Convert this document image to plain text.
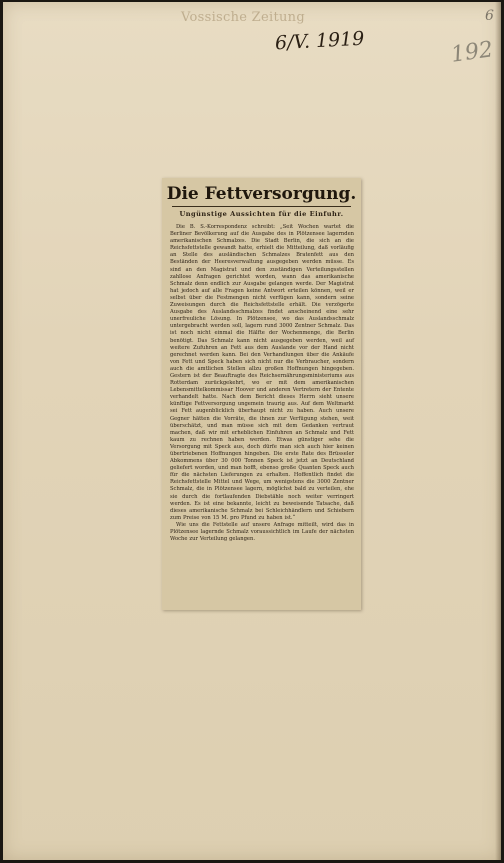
Vossische Zeitung
6/V. 1919	192
6
Die Fettversorgung.
Ungünstige Aussichten für die Einfuhr.

Die B. S.-Korrespondenz schreibt: „Seit Wochen wartet die Berliner Bevölkerung auf die Ausgabe des in Plötzensee lagernden amerikanischen Schmalzes. Die Stadt Berlin, die sich an die Reichsfettstelle gewandt hatte, erhielt die Mitteilung, daß vorläufig an Stelle des ausländischen Schmalzes Bratenfett aus den Beständen der Heeresverwaltung ausgegeben werden müsse. Es sind an den Magistrat und den zuständigen Verteilungsstellen zahllose Anfragen gerichtet worden, wann das amerikanische Schmalz denn endlich zur Ausgabe gelangen werde. Der Magistrat hat jedoch auf alle Fragen keine Antwort erteilen können, weil er selbst über die Festmengen nicht verfügen kann, sondern seine Zuweisungen durch die Reichsfettstelle erhält. Die verzögerte Ausgabe des Auslandsschmalzes findet anscheinend eine sehr unerfreuliche Lösung. In Plötzensee, wo das Auslandsschmalz untergebracht werden soll, lagern rund 3000 Zentner Schmalz. Das ist noch nicht einmal die Hälfte der Wochenmenge, die Berlin benötigt. Das Schmalz kann nicht ausgegeben werden, weil auf weitere Zufuhren an Fett aus dem Auslande vor der Hand nicht gerechnet werden kann. Bei den Verhandlungen über die Ankäufe von Fett und Speck haben sich nicht nur die Verbraucher, sondern auch die amtlichen Stellen allzu großen Hoffnungen hingegeben. Gestern ist der Beauftragte des Reichsernährungsministeriums aus Rotterdam zurückgekehrt, wo er mit dem amerikanischen Lebensmittelkommissar Hoover und anderen Vertretern der Entente verhandelt hatte. Nach dem Bericht dieses Herrn sieht unsere künftige Fettversorgung ungemein traurig aus. Auf dem Weltmarkt sei Fett augenblicklich überhaupt nicht zu haben. Auch unsere Gegner hätten die Vorräte, die ihnen zur Verfügung stehen, weit überschätzt, und man müsse sich mit dem Gedanken vertraut machen, daß wir mit erheblichen Einfuhren an Schmalz und Fett kaum zu rechnen haben werden. Etwas günstiger sehe die Versorgung mit Speck aus, doch dürfe man sich auch hier keinen übertriebenen Hoffnungen hingeben. Die erste Rate des Brüsseler Abkommens über 30 000 Tonnen Speck ist jetzt an Deutschland geliefert worden, und man hofft, ebenso große Quanten Speck auch für die nächsten Lieferungen zu erhalten. Hoffentlich findet die Reichsfettstelle Mittel und Wege, um wenigstens die 3000 Zentner Schmalz, die in Plötzensee lagern, möglichst bald zu verteilen, ehe sie durch die fortlaufenden Diebstähle noch weiter verringert werden. Es ist eine bekannte, leicht zu beweisende Tatsache, daß dieses amerikanische Schmalz bei Schleichhändlern und Schiebern zum Preise von 15 M. pro Pfund zu haben ist.“

Wie uns die Fettstelle auf unsere Anfrage mitteilt, wird das in Plötzensee lagernde Schmalz voraussichtlich im Laufe der nächsten Woche zur Verteilung gelangen.
